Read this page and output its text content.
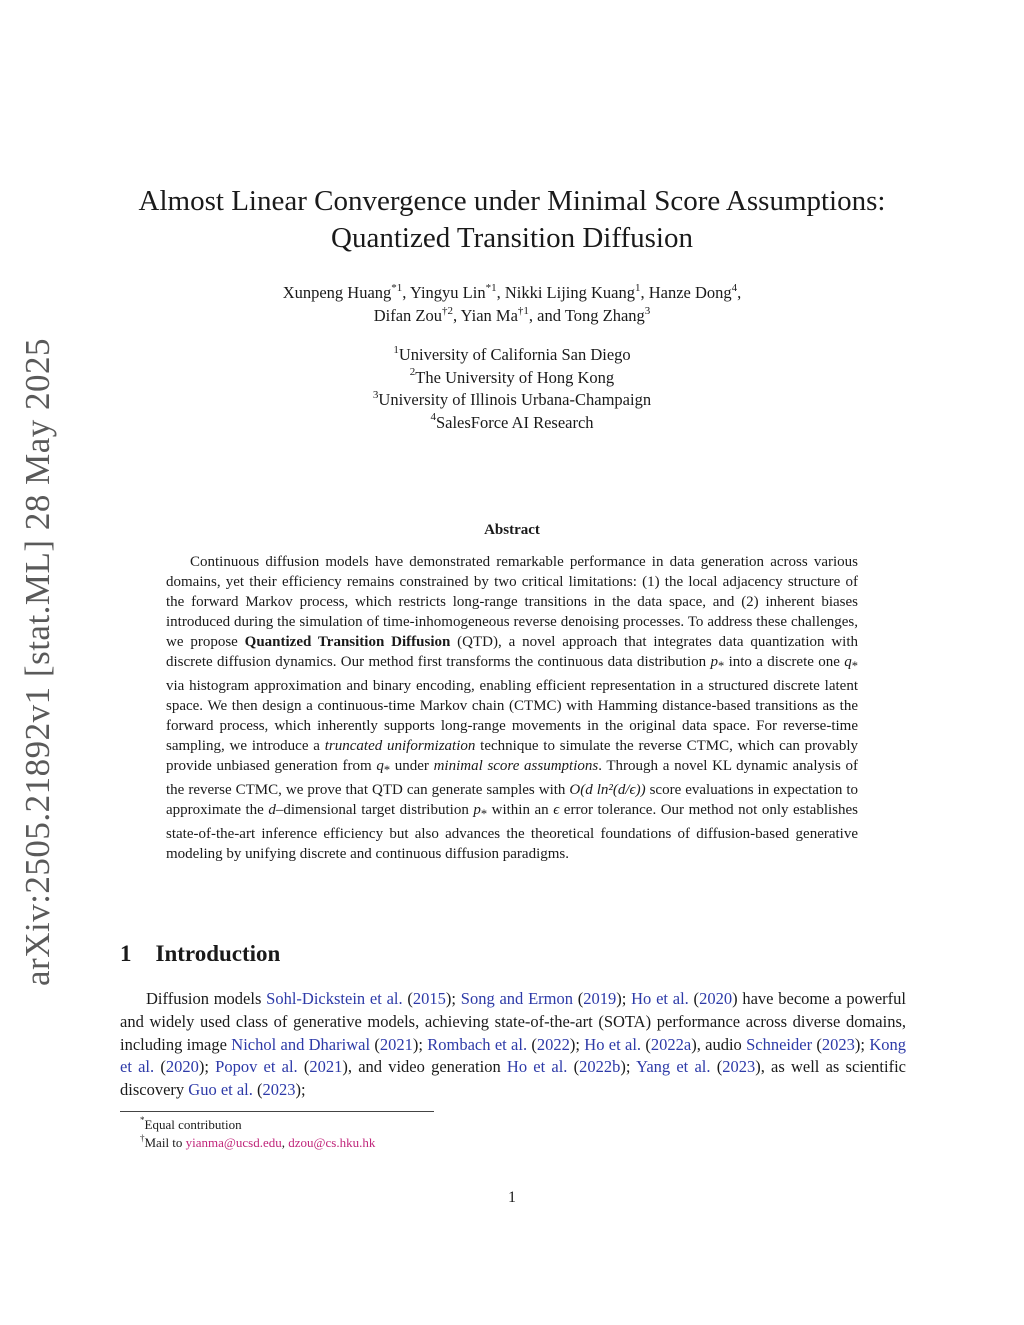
arXiv:2505.21892v1 [stat.ML] 28 May 2025
Almost Linear Convergence under Minimal Score Assumptions:
Quantized Transition Diffusion
Xunpeng Huang$^{*1}$, Yingyu Lin$^{*1}$, Nikki Lijing Kuang$^1$, Hanze Dong$^4$,
Difan Zou$^{\dagger 2}$, Yian Ma$^{\dagger 1}$, and Tong Zhang$^3$
$^1$University of California San Diego
$^2$The University of Hong Kong
$^3$University of Illinois Urbana-Champaign
$^4$SalesForce AI Research
Abstract
Continuous diffusion models have demonstrated remarkable performance in data generation across various domains, yet their efficiency remains constrained by two critical limitations: (1) the local adjacency structure of the forward Markov process, which restricts long-range transitions in the data space, and (2) inherent biases introduced during the simulation of time-inhomogeneous reverse denoising processes. To address these challenges, we propose Quantized Transition Diffusion (QTD), a novel approach that integrates data quantization with discrete diffusion dynamics. Our method first transforms the continuous data distribution $p_*$ into a discrete one $q_*$ via histogram approximation and binary encoding, enabling efficient representation in a structured discrete latent space. We then design a continuous-time Markov chain (CTMC) with Hamming distance-based transitions as the forward process, which inherently supports long-range movements in the original data space. For reverse-time sampling, we introduce a truncated uniformization technique to simulate the reverse CTMC, which can provably provide unbiased generation from $q_*$ under minimal score assumptions. Through a novel KL dynamic analysis of the reverse CTMC, we prove that QTD can generate samples with O(d ln²(d/ϵ)) score evaluations in expectation to approximate the d–dimensional target distribution $p_*$ within an ϵ error tolerance. Our method not only establishes state-of-the-art inference efficiency but also advances the theoretical foundations of diffusion-based generative modeling by unifying discrete and continuous diffusion paradigms.
1 Introduction
Diffusion models Sohl-Dickstein et al. (2015); Song and Ermon (2019); Ho et al. (2020) have become a powerful and widely used class of generative models, achieving state-of-the-art (SOTA) performance across diverse domains, including image Nichol and Dhariwal (2021); Rombach et al. (2022); Ho et al. (2022a), audio Schneider (2023); Kong et al. (2020); Popov et al. (2021), and video generation Ho et al. (2022b); Yang et al. (2023), as well as scientific discovery Guo et al. (2023);
*Equal contribution
†Mail to yianma@ucsd.edu, dzou@cs.hku.hk
1
